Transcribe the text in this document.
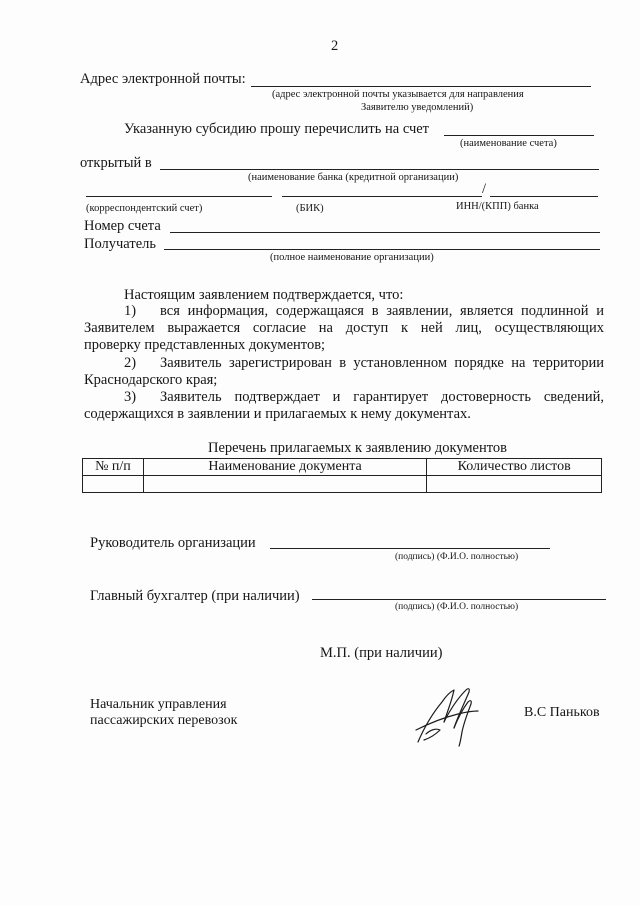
2
Адрес электронной почты:
(адрес электронной почты указывается для направления
Заявителю уведомлений)
Указанную субсидию прошу перечислить на счет
(наименование счета)
открытый в
(наименование банка (кредитной организации)
/
(корреспондентский счет)	(БИК)	ИНН/(КПП) банка
Номер счета
Получатель
(полное наименование организации)
Настоящим заявлением подтверждается, что:
1) вся информация, содержащаяся в заявлении, является подлинной и
Заявителем выражается согласие на доступ к ней лиц, осуществляющих
проверку представленных документов;
2) Заявитель зарегистрирован в установленном порядке на территории
Краснодарского края;
3) Заявитель подтверждает и гарантирует достоверность сведений,
содержащихся в заявлении и прилагаемых к нему документах.
Перечень прилагаемых к заявлению документов
№ п/п	Наименование документа	Количество листов

Руководитель организации
(подпись) (Ф.И.О. полностью)
Главный бухгалтер (при наличии)
(подпись) (Ф.И.О. полностью)
М.П. (при наличии)
Начальник управления
пассажирских перевозок
В.С Паньков
